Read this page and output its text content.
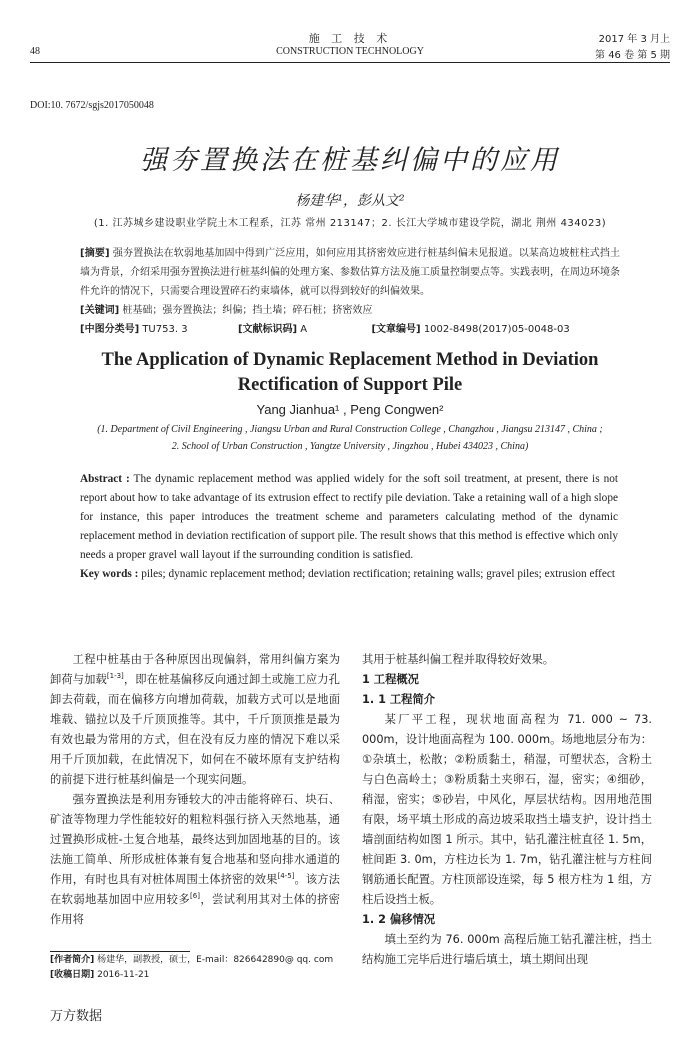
施 工 技 术
CONSTRUCTION TECHNOLOGY
48
2017 年 3 月上
第 46 卷 第 5 期
DOI:10. 7672/sgjs2017050048
强夯置换法在桩基纠偏中的应用
杨建华¹，彭从文²
(1. 江苏城乡建设职业学院土木工程系，江苏 常州 213147；2. 长江大学城市建设学院，湖北 荆州 434023)
[摘要] 强夯置换法在软弱地基加固中得到广泛应用，如何应用其挤密效应进行桩基纠偏未见报道。以某高边坡桩柱式挡土墙为背景，介绍采用强夯置换法进行桩基纠偏的处理方案、参数估算方法及施工质量控制要点等。实践表明，在周边环境条件允许的情况下，只需要合理设置碎石约束墙体，就可以得到较好的纠偏效果。
[关键词] 桩基础；强夯置换法；纠偏；挡土墙；碎石桩；挤密效应
[中图分类号] TU753. 3	[文献标识码] A	[文章编号] 1002-8498(2017)05-0048-03
The Application of Dynamic Replacement Method in Deviation Rectification of Support Pile
Yang Jianhua¹ , Peng Congwen²
(1. Department of Civil Engineering , Jiangsu Urban and Rural Construction College , Changzhou , Jiangsu 213147 , China ;
2. School of Urban Construction , Yangtze University , Jingzhou , Hubei 434023 , China)
Abstract : The dynamic replacement method was applied widely for the soft soil treatment, at present, there is not report about how to take advantage of its extrusion effect to rectify pile deviation. Take a retaining wall of a high slope for instance, this paper introduces the treatment scheme and parameters calculating method of the dynamic replacement method in deviation rectification of support pile. The result shows that this method is effective which only needs a proper gravel wall layout if the surrounding condition is satisfied.
Key words : piles; dynamic replacement method; deviation rectification; retaining walls; gravel piles; extrusion effect

工程中桩基由于各种原因出现偏斜，常用纠偏方案为卸荷与加载[1-3]，即在桩基偏移反向通过卸土或施工应力孔卸去荷载，而在偏移方向增加荷载，加载方式可以是地面堆载、锚拉以及千斤顶顶推等。其中，千斤顶顶推是最为有效也最为常用的方式，但在没有反力座的情况下难以采用千斤顶加载，在此情况下，如何在不破坏原有支护结构的前提下进行桩基纠偏是一个现实问题。

强夯置换法是利用夯锤较大的冲击能将碎石、块石、矿渣等物理力学性能较好的粗粒料强行挤入天然地基，通过置换形成桩-土复合地基，最终达到加固地基的目的。该法施工简单、所形成桩体兼有复合地基和竖向排水通道的作用，有时也具有对桩体周围土体挤密的效果[4-5]。该方法在软弱地基加固中应用较多[6]，尝试利用其对土体的挤密作用将

其用于桩基纠偏工程并取得较好效果。

1 工程概况
1. 1 工程简介

某厂平工程，现状地面高程为 71. 000 ~ 73. 000m，设计地面高程为 100. 000m。场地地层分布为：①杂填土，松散；②粉质黏土，稍湿，可塑状态，含粉土与白色高岭土；③粉质黏土夹卵石，湿，密实；④细砂，稍湿，密实；⑤砂岩，中风化，厚层状结构。因用地范围有限，场平填土形成的高边坡采取挡土墙支护，设计挡土墙剖面结构如图 1 所示。其中，钻孔灌注桩直径 1. 5m，桩间距 3. 0m，方柱边长为 1. 7m，钻孔灌注桩与方柱间钢筋通长配置。方柱顶部设连梁，每 5 根方柱为 1 组，方柱后设挡土板。

1. 2 偏移情况

填土至约为 76. 000m 高程后施工钻孔灌注桩，挡土结构施工完毕后进行墙后填土，填土期间出现

[作者简介] 杨建华，副教授，硕士，E-mail：826642890@ qq. com
[收稿日期] 2016-11-21
万方数据
